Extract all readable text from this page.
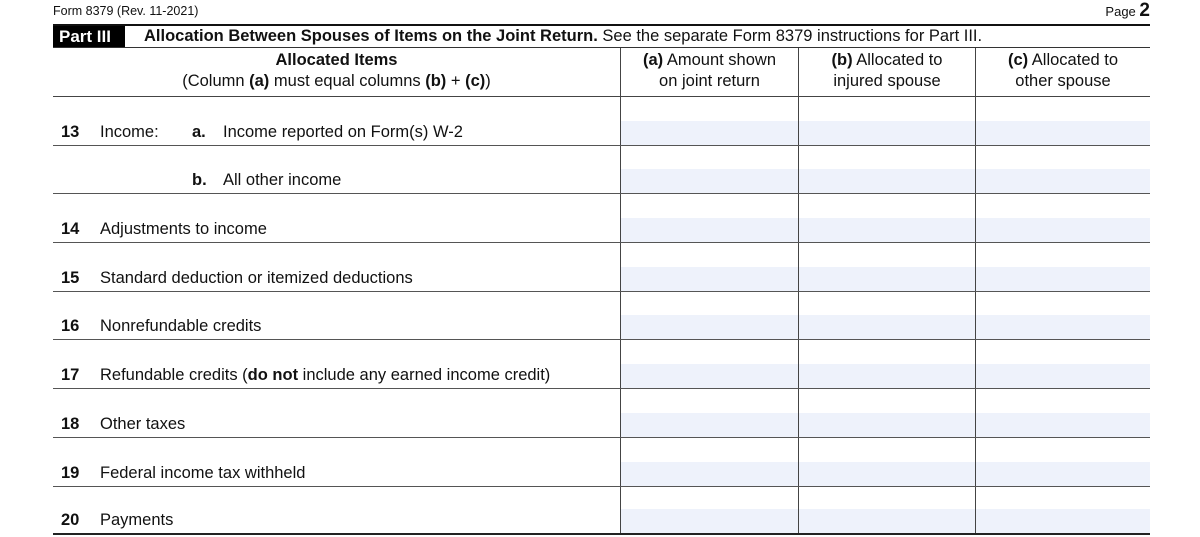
Form 8379 (Rev. 11-2021)	Page 2
Part III	Allocation Between Spouses of Items on the Joint Return. See the separate Form 8379 instructions for Part III.
Allocated Items
(Column (a) must equal columns (b) + (c))
(a) Amount shown
on joint return
(b) Allocated to
injured spouse
(c) Allocated to
other spouse
13 Income: a. Income reported on Form(s) W-2
b. All other income
14 Adjustments to income
15 Standard deduction or itemized deductions
16 Nonrefundable credits
17 Refundable credits (do not include any earned income credit)
18 Other taxes
19 Federal income tax withheld
20 Payments
